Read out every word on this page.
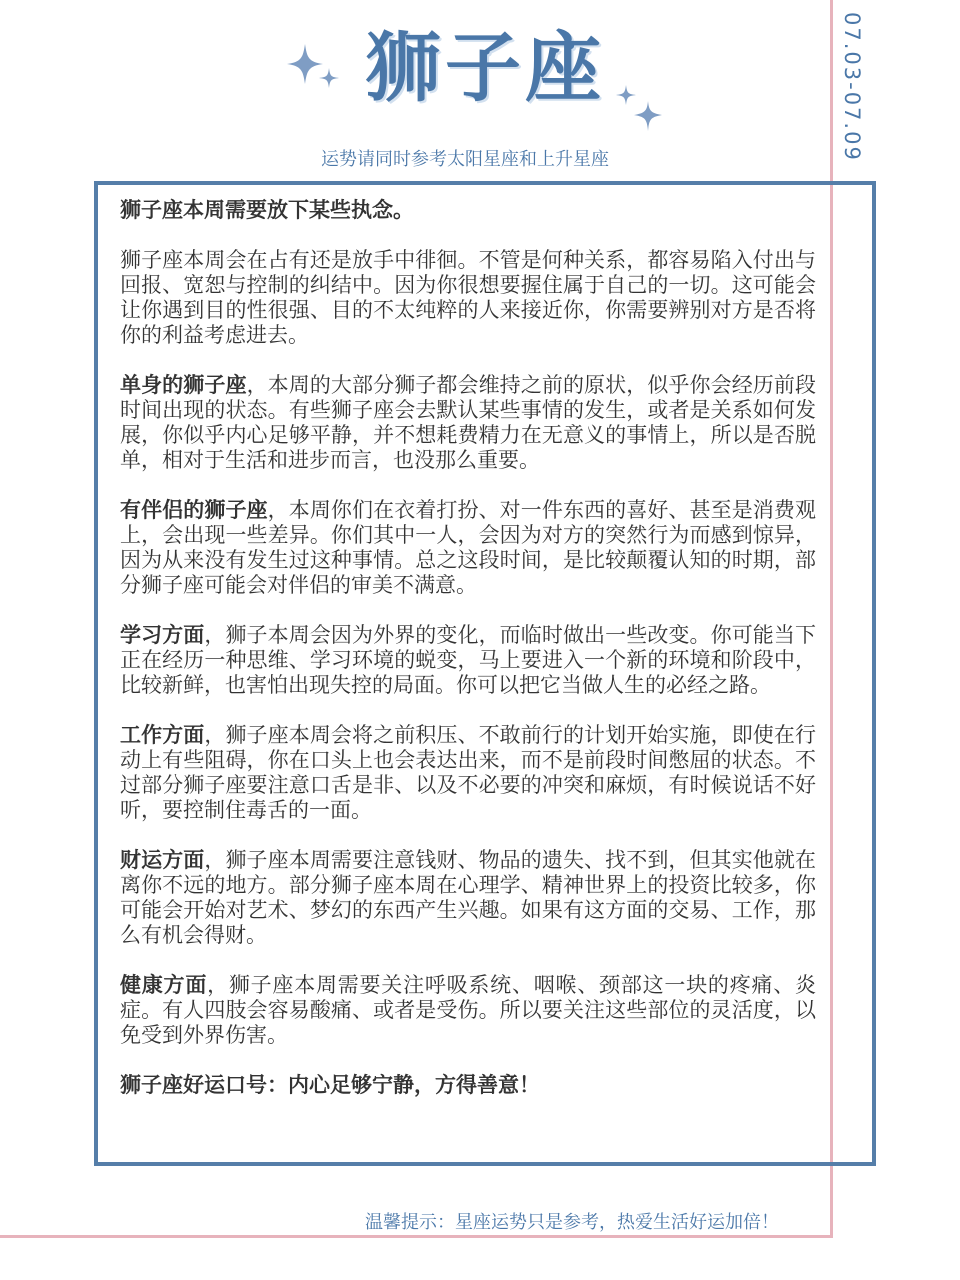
07.03-07.09
狮子座
运势请同时参考太阳星座和上升星座

狮子座本周需要放下某些执念。

狮子座本周会在占有还是放手中徘徊。不管是何种关系，都容易陷入付出与回报、宽恕与控制的纠结中。因为你很想要握住属于自己的一切。这可能会让你遇到目的性很强、目的不太纯粹的人来接近你，你需要辨别对方是否将你的利益考虑进去。

单身的狮子座，本周的大部分狮子都会维持之前的原状，似乎你会经历前段时间出现的状态。有些狮子座会去默认某些事情的发生，或者是关系如何发展，你似乎内心足够平静，并不想耗费精力在无意义的事情上，所以是否脱单，相对于生活和进步而言，也没那么重要。

有伴侣的狮子座，本周你们在衣着打扮、对一件东西的喜好、甚至是消费观上，会出现一些差异。你们其中一人，会因为对方的突然行为而感到惊异，因为从来没有发生过这种事情。总之这段时间，是比较颠覆认知的时期，部分狮子座可能会对伴侣的审美不满意。

学习方面，狮子本周会因为外界的变化，而临时做出一些改变。你可能当下正在经历一种思维、学习环境的蜕变，马上要进入一个新的环境和阶段中，比较新鲜，也害怕出现失控的局面。你可以把它当做人生的必经之路。

工作方面，狮子座本周会将之前积压、不敢前行的计划开始实施，即使在行动上有些阻碍，你在口头上也会表达出来，而不是前段时间憋屈的状态。不过部分狮子座要注意口舌是非、以及不必要的冲突和麻烦，有时候说话不好听，要控制住毒舌的一面。

财运方面，狮子座本周需要注意钱财、物品的遗失、找不到，但其实他就在离你不远的地方。部分狮子座本周在心理学、精神世界上的投资比较多，你可能会开始对艺术、梦幻的东西产生兴趣。如果有这方面的交易、工作，那么有机会得财。

健康方面，狮子座本周需要关注呼吸系统、咽喉、颈部这一块的疼痛、炎症。有人四肢会容易酸痛、或者是受伤。所以要关注这些部位的灵活度，以免受到外界伤害。

狮子座好运口号：内心足够宁静，方得善意！

温馨提示：星座运势只是参考，热爱生活好运加倍！
